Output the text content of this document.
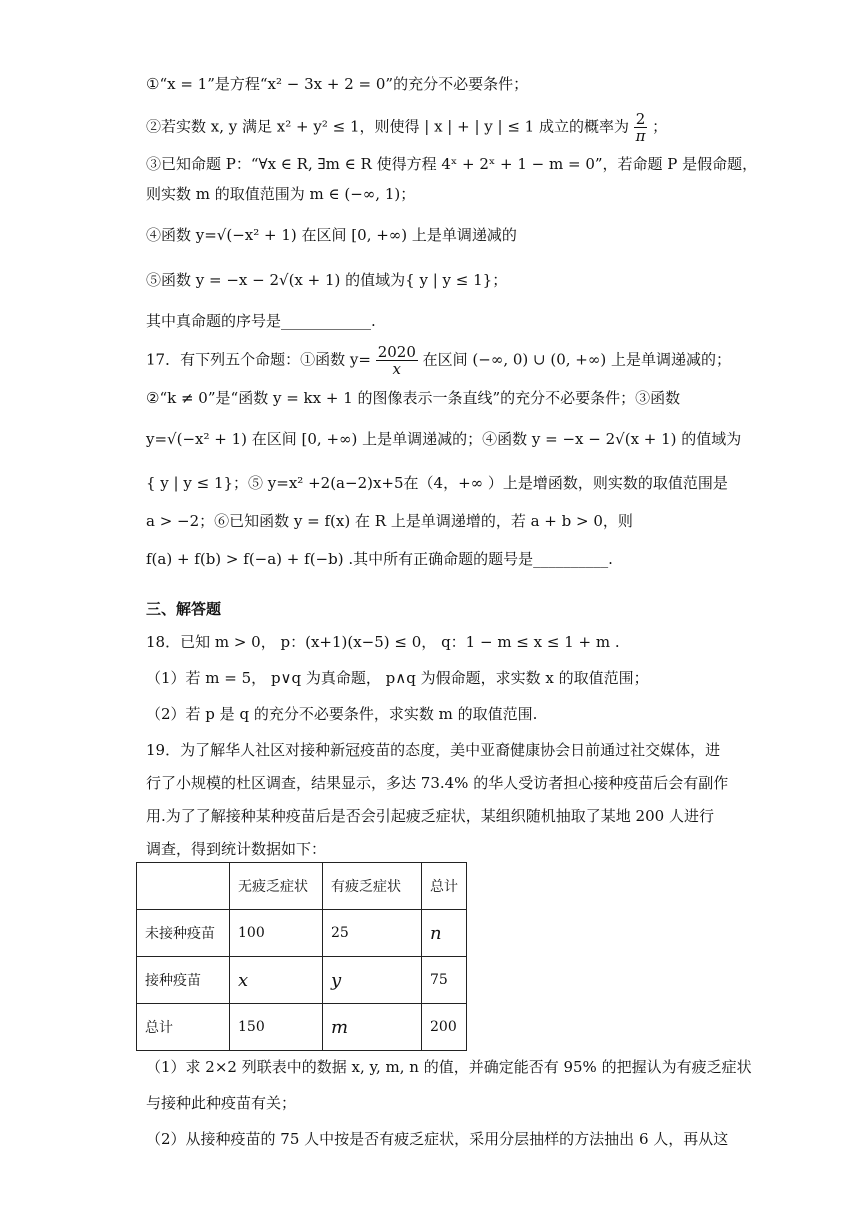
①“x = 1”是方程“x² − 3x + 2 = 0”的充分不必要条件；
②若实数 x, y 满足 x² + y² ≤ 1，则使得 | x | + | y | ≤ 1 成立的概率为 $\frac{2}{\pi}$ ；
③已知命题 P：“∀x ∈ R, ∃m ∈ R 使得方程 4ˣ + 2ˣ + 1 − m = 0”，若命题 P 是假命题，
则实数 m 的取值范围为 m ∈ (−∞, 1)；
④函数 y=√(−x² + 1) 在区间 [0, +∞) 上是单调递减的
⑤函数 y = −x − 2√(x + 1) 的值域为{ y | y ≤ 1}；
其中真命题的序号是____________.
17．有下列五个命题：①函数 $y= \frac{2020}{x}$ 在区间 (−∞, 0) ∪ (0, +∞) 上是单调递减的；
②“k ≠ 0”是“函数 y = kx + 1 的图像表示一条直线”的充分不必要条件；③函数
y=√(−x² + 1) 在区间 [0, +∞) 上是单调递减的；④函数 y = −x − 2√(x + 1) 的值域为
{ y | y ≤ 1}；⑤ y=x² +2(a−2)x+5在（4，+∞ ）上是增函数，则实数的取值范围是
a > −2；⑥已知函数 y = f(x) 在 R 上是单调递增的，若 a + b > 0，则
f(a) + f(b) > f(−a) + f(−b) .其中所有正确命题的题号是__________.
三、解答题
18．已知 m > 0， p：(x+1)(x−5) ≤ 0， q：1 − m ≤ x ≤ 1 + m .
（1）若 m = 5， p∨q 为真命题， p∧q 为假命题，求实数 x 的取值范围；
（2）若 p 是 q 的充分不必要条件，求实数 m 的取值范围.
19．为了解华人社区对接种新冠疫苗的态度，美中亚裔健康协会日前通过社交媒体，进
行了小规模的杜区调查，结果显示，多达 73.4% 的华人受访者担心接种疫苗后会有副作
用.为了了解接种某种疫苗后是否会引起疲乏症状，某组织随机抽取了某地 200 人进行
调查，得到统计数据如下：
	无疲乏症状	有疲乏症状	总计
未接种疫苗	100	25	n
接种疫苗	x	y	75
总计	150	m	200
（1）求 2×2 列联表中的数据 x, y, m, n 的值，并确定能否有 95% 的把握认为有疲乏症状
与接种此种疫苗有关；
（2）从接种疫苗的 75 人中按是否有疲乏症状，采用分层抽样的方法抽出 6 人，再从这
